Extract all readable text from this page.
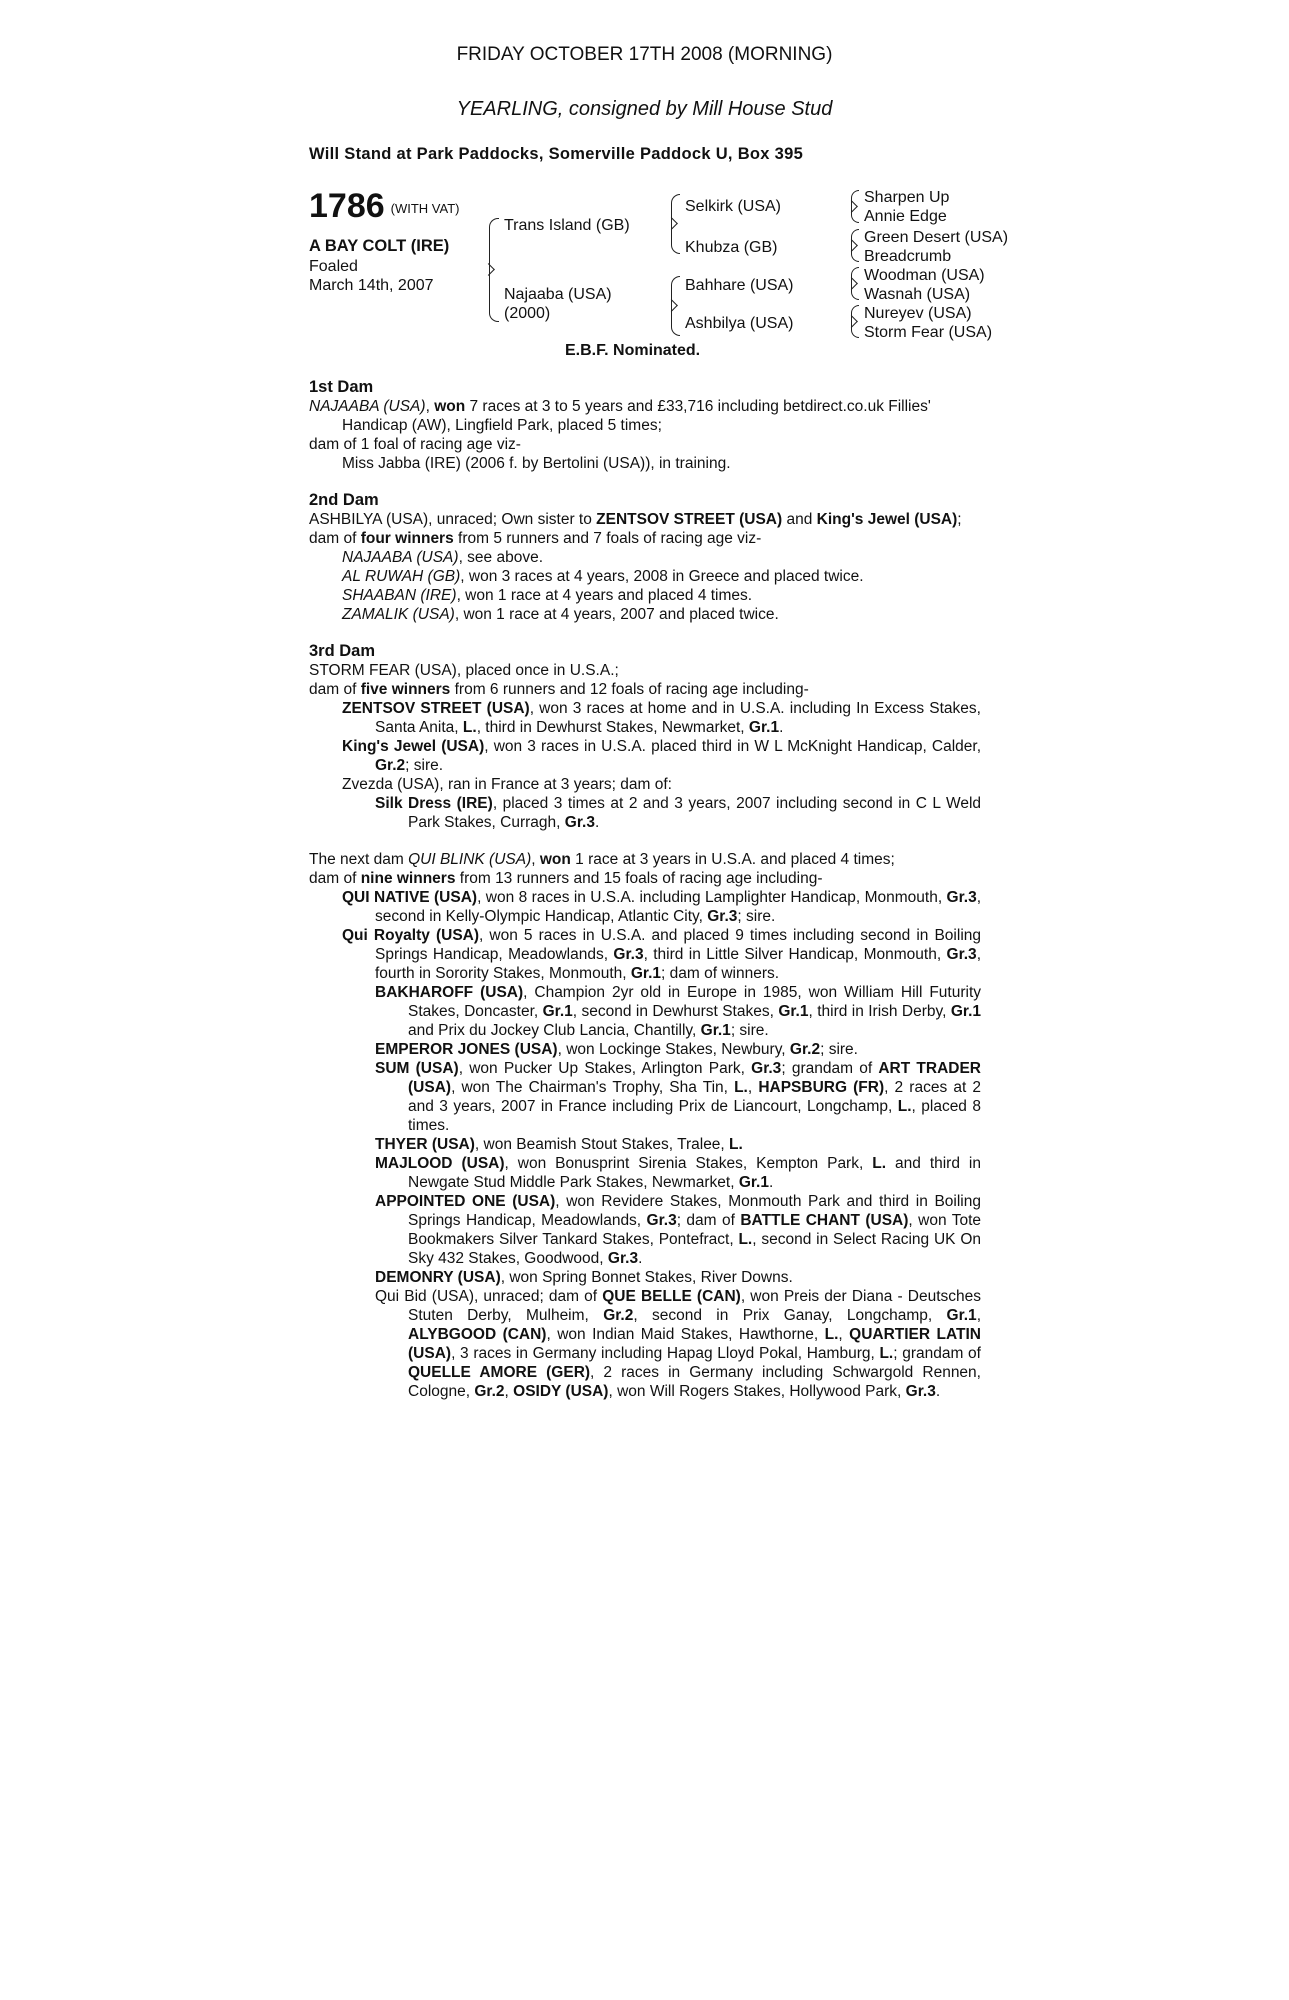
FRIDAY OCTOBER 17TH 2008 (MORNING)
YEARLING, consigned by Mill House Stud
Will Stand at Park Paddocks, Somerville Paddock U, Box 395
1786 (WITH VAT)
A BAY COLT (IRE)
Foaled
March 14th, 2007
Trans Island (GB)
Najaaba (USA)
(2000)
Selkirk (USA)
Khubza (GB)
Bahhare (USA)
Ashbilya (USA)
Sharpen Up
Annie Edge
Green Desert (USA)
Breadcrumb
Woodman (USA)
Wasnah (USA)
Nureyev (USA)
Storm Fear (USA)
E.B.F. Nominated.
1st Dam

NAJAABA (USA), won 7 races at 3 to 5 years and £33,716 including betdirect.co.uk Fillies' Handicap (AW), Lingfield Park, placed 5 times;

dam of 1 foal of racing age viz-

Miss Jabba (IRE) (2006 f. by Bertolini (USA)), in training.

2nd Dam

ASHBILYA (USA), unraced; Own sister to ZENTSOV STREET (USA) and King's Jewel (USA);

dam of four winners from 5 runners and 7 foals of racing age viz-

NAJAABA (USA), see above.

AL RUWAH (GB), won 3 races at 4 years, 2008 in Greece and placed twice.

SHAABAN (IRE), won 1 race at 4 years and placed 4 times.

ZAMALIK (USA), won 1 race at 4 years, 2007 and placed twice.

3rd Dam

STORM FEAR (USA), placed once in U.S.A.;

dam of five winners from 6 runners and 12 foals of racing age including-

ZENTSOV STREET (USA), won 3 races at home and in U.S.A. including In Excess Stakes, Santa Anita, L., third in Dewhurst Stakes, Newmarket, Gr.1.

King's Jewel (USA), won 3 races in U.S.A. placed third in W L McKnight Handicap, Calder, Gr.2; sire.

Zvezda (USA), ran in France at 3 years; dam of:

Silk Dress (IRE), placed 3 times at 2 and 3 years, 2007 including second in C L Weld Park Stakes, Curragh, Gr.3.

The next dam QUI BLINK (USA), won 1 race at 3 years in U.S.A. and placed 4 times;

dam of nine winners from 13 runners and 15 foals of racing age including-

QUI NATIVE (USA), won 8 races in U.S.A. including Lamplighter Handicap, Monmouth, Gr.3, second in Kelly-Olympic Handicap, Atlantic City, Gr.3; sire.

Qui Royalty (USA), won 5 races in U.S.A. and placed 9 times including second in Boiling Springs Handicap, Meadowlands, Gr.3, third in Little Silver Handicap, Monmouth, Gr.3, fourth in Sorority Stakes, Monmouth, Gr.1; dam of winners.

BAKHAROFF (USA), Champion 2yr old in Europe in 1985, won William Hill Futurity Stakes, Doncaster, Gr.1, second in Dewhurst Stakes, Gr.1, third in Irish Derby, Gr.1 and Prix du Jockey Club Lancia, Chantilly, Gr.1; sire.

EMPEROR JONES (USA), won Lockinge Stakes, Newbury, Gr.2; sire.

SUM (USA), won Pucker Up Stakes, Arlington Park, Gr.3; grandam of ART TRADER (USA), won The Chairman's Trophy, Sha Tin, L., HAPSBURG (FR), 2 races at 2 and 3 years, 2007 in France including Prix de Liancourt, Longchamp, L., placed 8 times.

THYER (USA), won Beamish Stout Stakes, Tralee, L.

MAJLOOD (USA), won Bonusprint Sirenia Stakes, Kempton Park, L. and third in Newgate Stud Middle Park Stakes, Newmarket, Gr.1.

APPOINTED ONE (USA), won Revidere Stakes, Monmouth Park and third in Boiling Springs Handicap, Meadowlands, Gr.3; dam of BATTLE CHANT (USA), won Tote Bookmakers Silver Tankard Stakes, Pontefract, L., second in Select Racing UK On Sky 432 Stakes, Goodwood, Gr.3.

DEMONRY (USA), won Spring Bonnet Stakes, River Downs.

Qui Bid (USA), unraced; dam of QUE BELLE (CAN), won Preis der Diana - Deutsches Stuten Derby, Mulheim, Gr.2, second in Prix Ganay, Longchamp, Gr.1, ALYBGOOD (CAN), won Indian Maid Stakes, Hawthorne, L., QUARTIER LATIN (USA), 3 races in Germany including Hapag Lloyd Pokal, Hamburg, L.; grandam of QUELLE AMORE (GER), 2 races in Germany including Schwargold Rennen, Cologne, Gr.2, OSIDY (USA), won Will Rogers Stakes, Hollywood Park, Gr.3.
